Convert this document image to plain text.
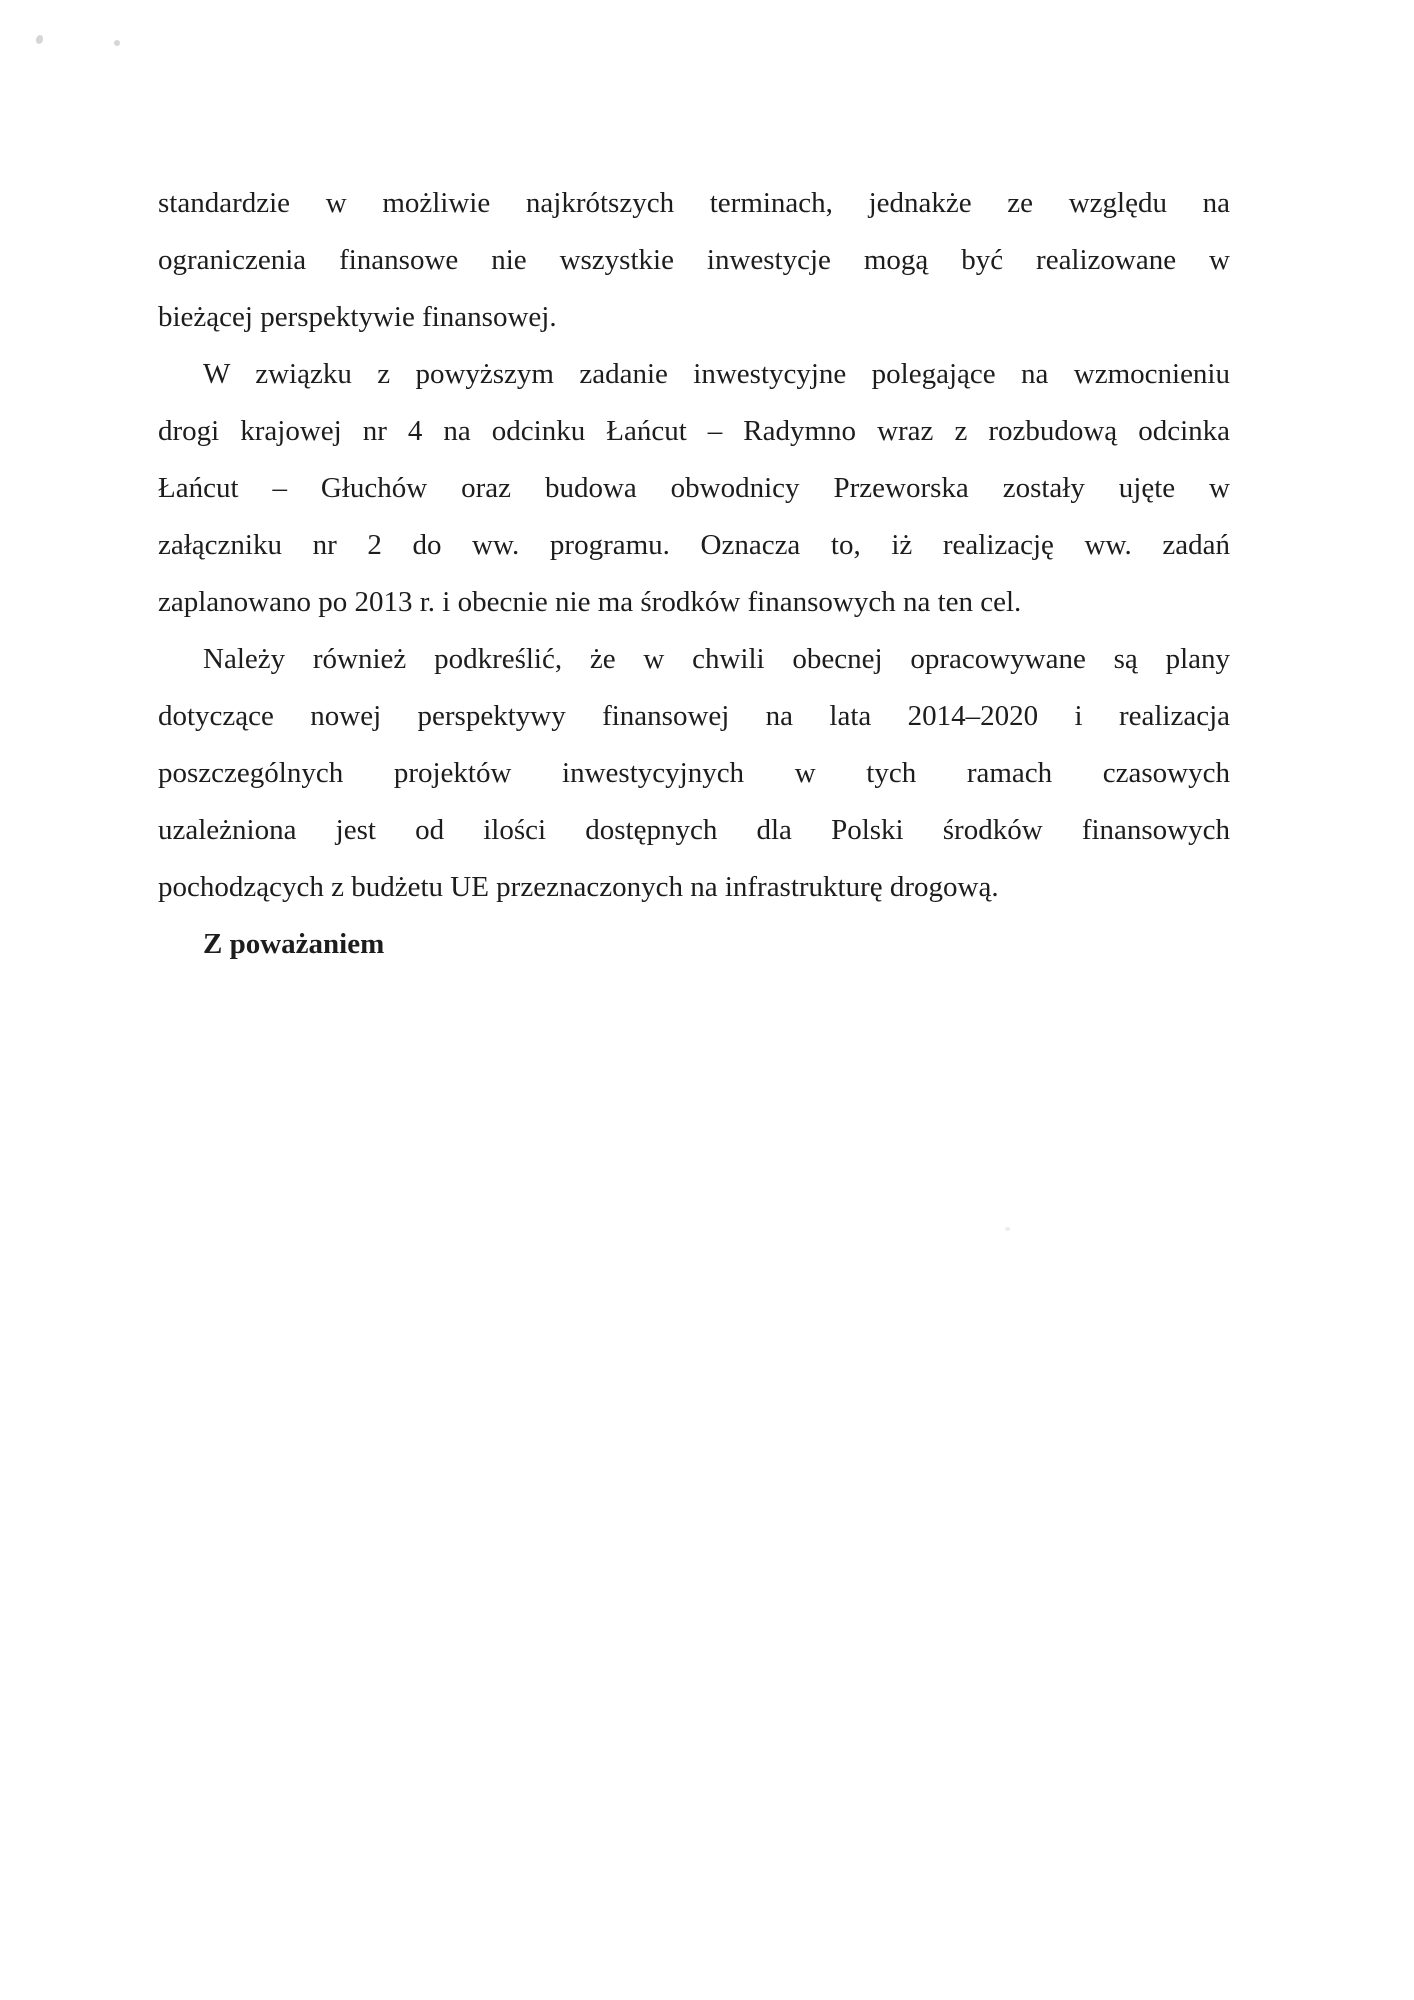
standardzie w możliwie najkrótszych terminach, jednakże ze względu na
ograniczenia finansowe nie wszystkie inwestycje mogą być realizowane w
bieżącej perspektywie finansowej.
W związku z powyższym zadanie inwestycyjne polegające na wzmocnieniu
drogi krajowej nr 4 na odcinku Łańcut – Radymno wraz z rozbudową odcinka
Łańcut – Głuchów oraz budowa obwodnicy Przeworska zostały ujęte w
załączniku nr 2 do ww. programu. Oznacza to, iż realizację ww. zadań
zaplanowano po 2013 r. i obecnie nie ma środków finansowych na ten cel.
Należy również podkreślić, że w chwili obecnej opracowywane są plany
dotyczące nowej perspektywy finansowej na lata 2014–2020 i realizacja
poszczególnych projektów inwestycyjnych w tych ramach czasowych
uzależniona jest od ilości dostępnych dla Polski środków finansowych
pochodzących z budżetu UE przeznaczonych na infrastrukturę drogową.
Z poważaniem
